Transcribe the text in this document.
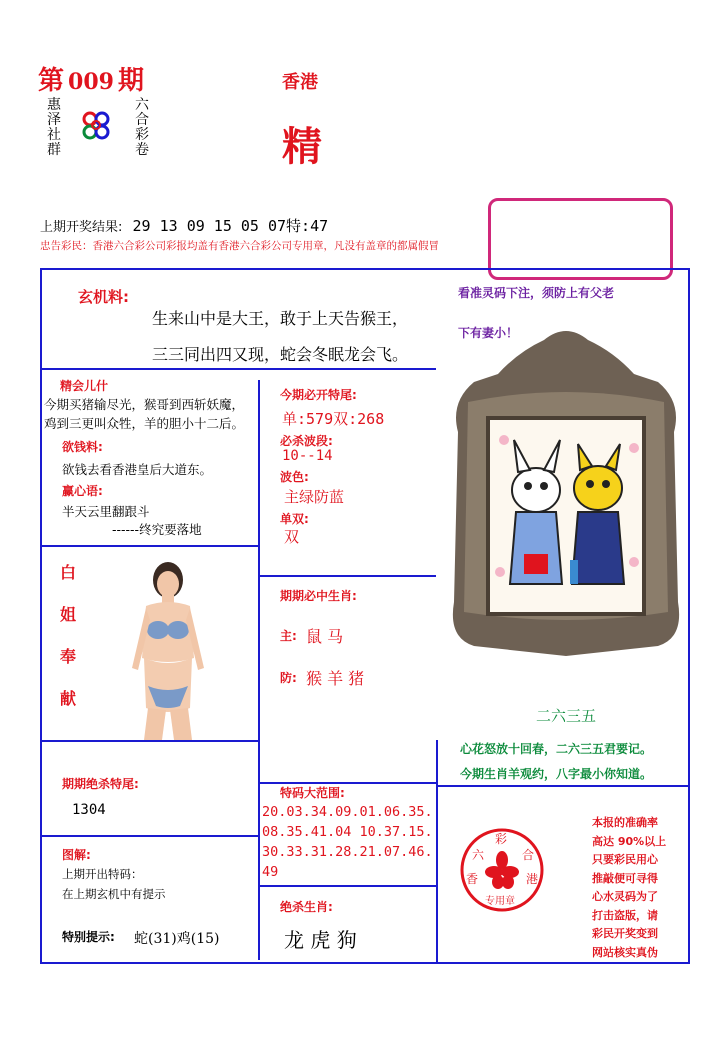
第 009 期
惠泽社群
六合彩卷
香港
精
上期开奖结果: 29 13 09 15 05 07特:47
忠告彩民：香港六合彩公司彩报均盖有香港六合彩公司专用章，凡没有盖章的都属假冒
玄机料:
生来山中是大王，敢于上天告猴王，
三三同出四又现，蛇会冬眠龙会飞。
精会儿什
今期买猪输尽光，猴哥到西斩妖魔，
鸡到三更叫众牲，羊的胆小十二后。
欲钱料:
欲钱去看香港皇后大道东。
赢心语:
半天云里翻跟斗
------终究要落地
今期必开特尾:
单:579双:268
必杀波段:
10--14
波色:
主绿防蓝
单双:
双
白
姐
奉
献
期期必中生肖:
主: 鼠 马
防: 猴 羊 猪
看准灵码下注，须防上有父老
下有妻小！
二六三五
心花怒放十回春，二六三五君要记。
今期生肖羊观约，八字最小你知道。
期期绝杀特尾:
1304
特码大范围:
20.03.34.09.01.06.35.
08.35.41.04 10.37.15.
30.33.31.28.21.07.46.
49
图解:
上期开出特码：
在上期玄机中有提示
特别提示: 蛇(31)鸡(15)
绝杀生肖:
龙 虎 狗
彩
六	合
香	港
专用章
本报的准确率
高达 90%以上
只要彩民用心
推敲便可寻得
心水灵码为了
打击盗版，请
彩民开奖变到
网站核实真伪
